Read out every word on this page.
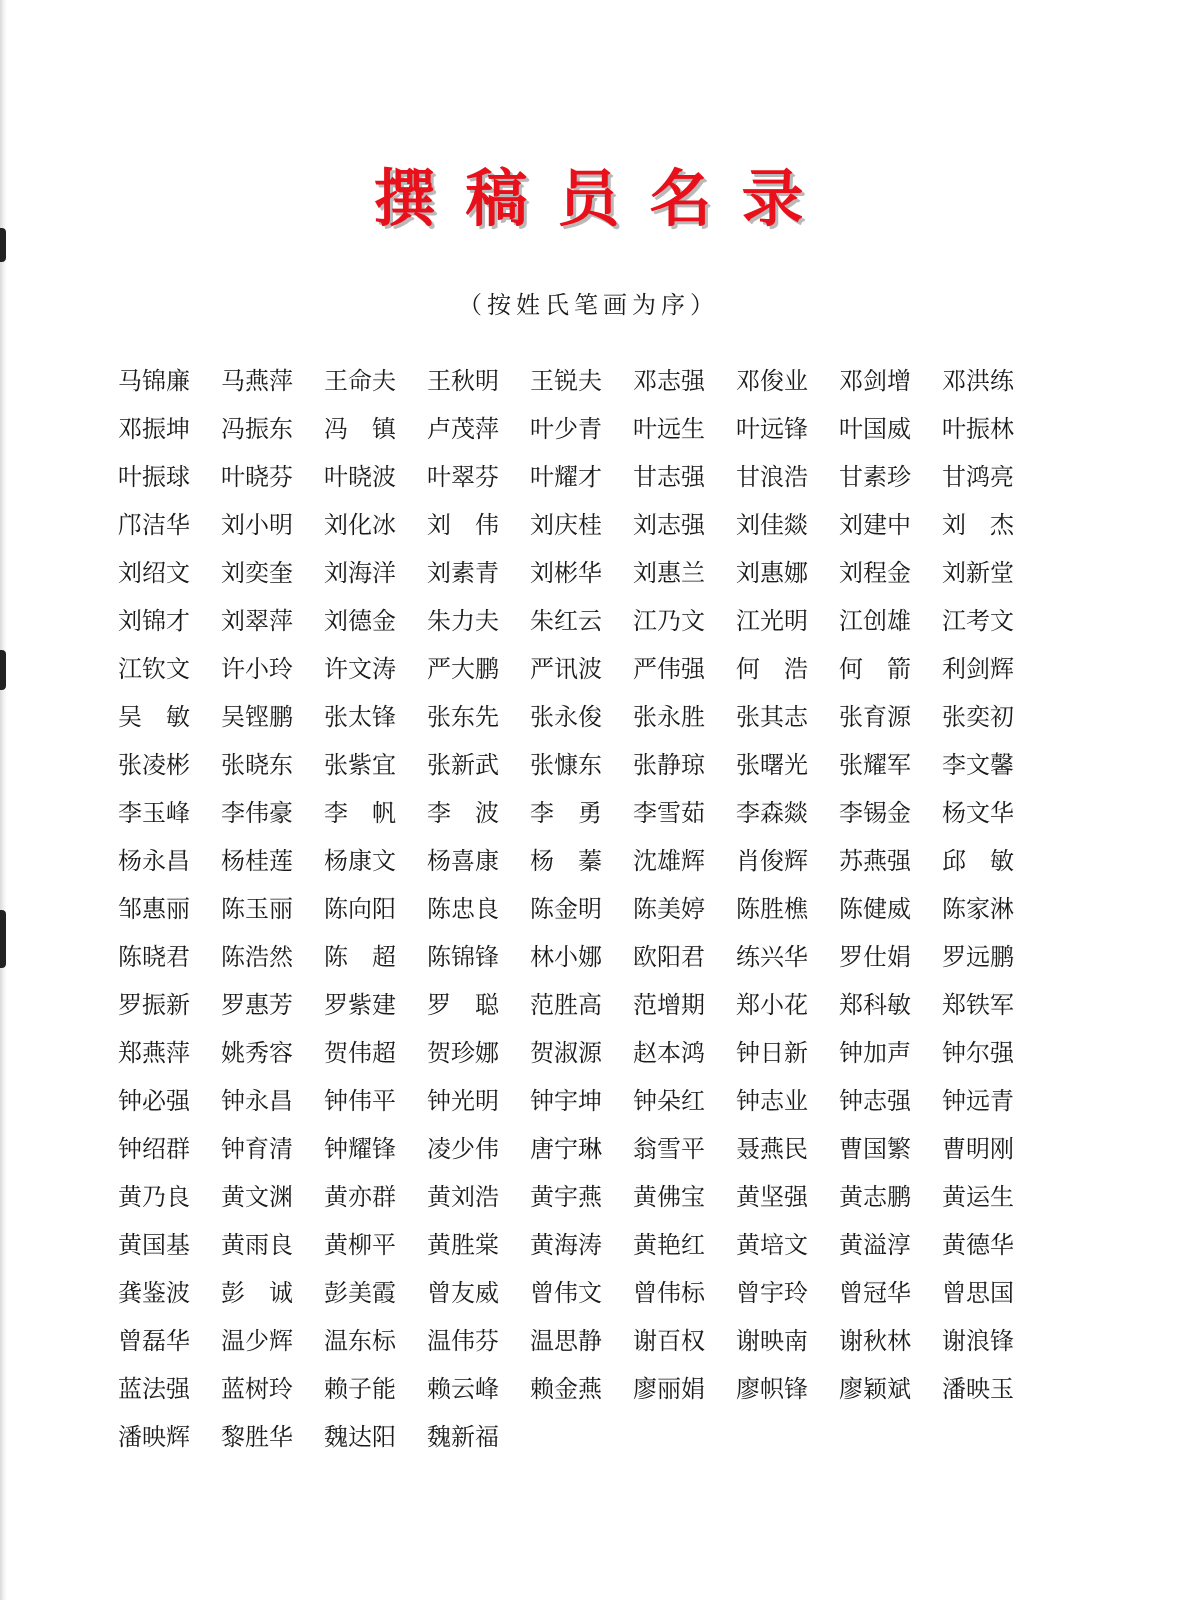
撰稿员名录
（按姓氏笔画为序）
马锦廉	马燕萍	王命夫	王秋明	王锐夫	邓志强	邓俊业	邓剑增	邓洪练
邓振坤	冯振东	冯　镇	卢茂萍	叶少青	叶远生	叶远锋	叶国威	叶振林
叶振球	叶晓芬	叶晓波	叶翠芬	叶耀才	甘志强	甘浪浩	甘素珍	甘鸿亮
邝洁华	刘小明	刘化冰	刘　伟	刘庆桂	刘志强	刘佳燚	刘建中	刘　杰
刘绍文	刘奕奎	刘海洋	刘素青	刘彬华	刘惠兰	刘惠娜	刘程金	刘新堂
刘锦才	刘翠萍	刘德金	朱力夫	朱红云	江乃文	江光明	江创雄	江考文
江钦文	许小玲	许文涛	严大鹏	严讯波	严伟强	何　浩	何　箭	利剑辉
吴　敏	吴铿鹏	张太锋	张东先	张永俊	张永胜	张其志	张育源	张奕初
张凌彬	张晓东	张紫宜	张新武	张慷东	张静琼	张曙光	张耀军	李文馨
李玉峰	李伟豪	李　帆	李　波	李　勇	李雪茹	李森燚	李锡金	杨文华
杨永昌	杨桂莲	杨康文	杨喜康	杨　蓁	沈雄辉	肖俊辉	苏燕强	邱　敏
邹惠丽	陈玉丽	陈向阳	陈忠良	陈金明	陈美婷	陈胜樵	陈健威	陈家淋
陈晓君	陈浩然	陈　超	陈锦锋	林小娜	欧阳君	练兴华	罗仕娟	罗远鹏
罗振新	罗惠芳	罗紫建	罗　聪	范胜高	范增期	郑小花	郑科敏	郑铁军
郑燕萍	姚秀容	贺伟超	贺珍娜	贺淑源	赵本鸿	钟日新	钟加声	钟尔强
钟必强	钟永昌	钟伟平	钟光明	钟宇坤	钟朵红	钟志业	钟志强	钟远青
钟绍群	钟育清	钟耀锋	凌少伟	唐宁琳	翁雪平	聂燕民	曹国繁	曹明刚
黄乃良	黄文渊	黄亦群	黄刘浩	黄宇燕	黄佛宝	黄坚强	黄志鹏	黄运生
黄国基	黄雨良	黄柳平	黄胜棠	黄海涛	黄艳红	黄培文	黄溢淳	黄德华
龚鉴波	彭　诚	彭美霞	曾友威	曾伟文	曾伟标	曾宇玲	曾冠华	曾思国
曾磊华	温少辉	温东标	温伟芬	温思静	谢百权	谢映南	谢秋林	谢浪锋
蓝法强	蓝树玲	赖子能	赖云峰	赖金燕	廖丽娟	廖帜锋	廖颖斌	潘映玉
潘映辉	黎胜华	魏达阳	魏新福
